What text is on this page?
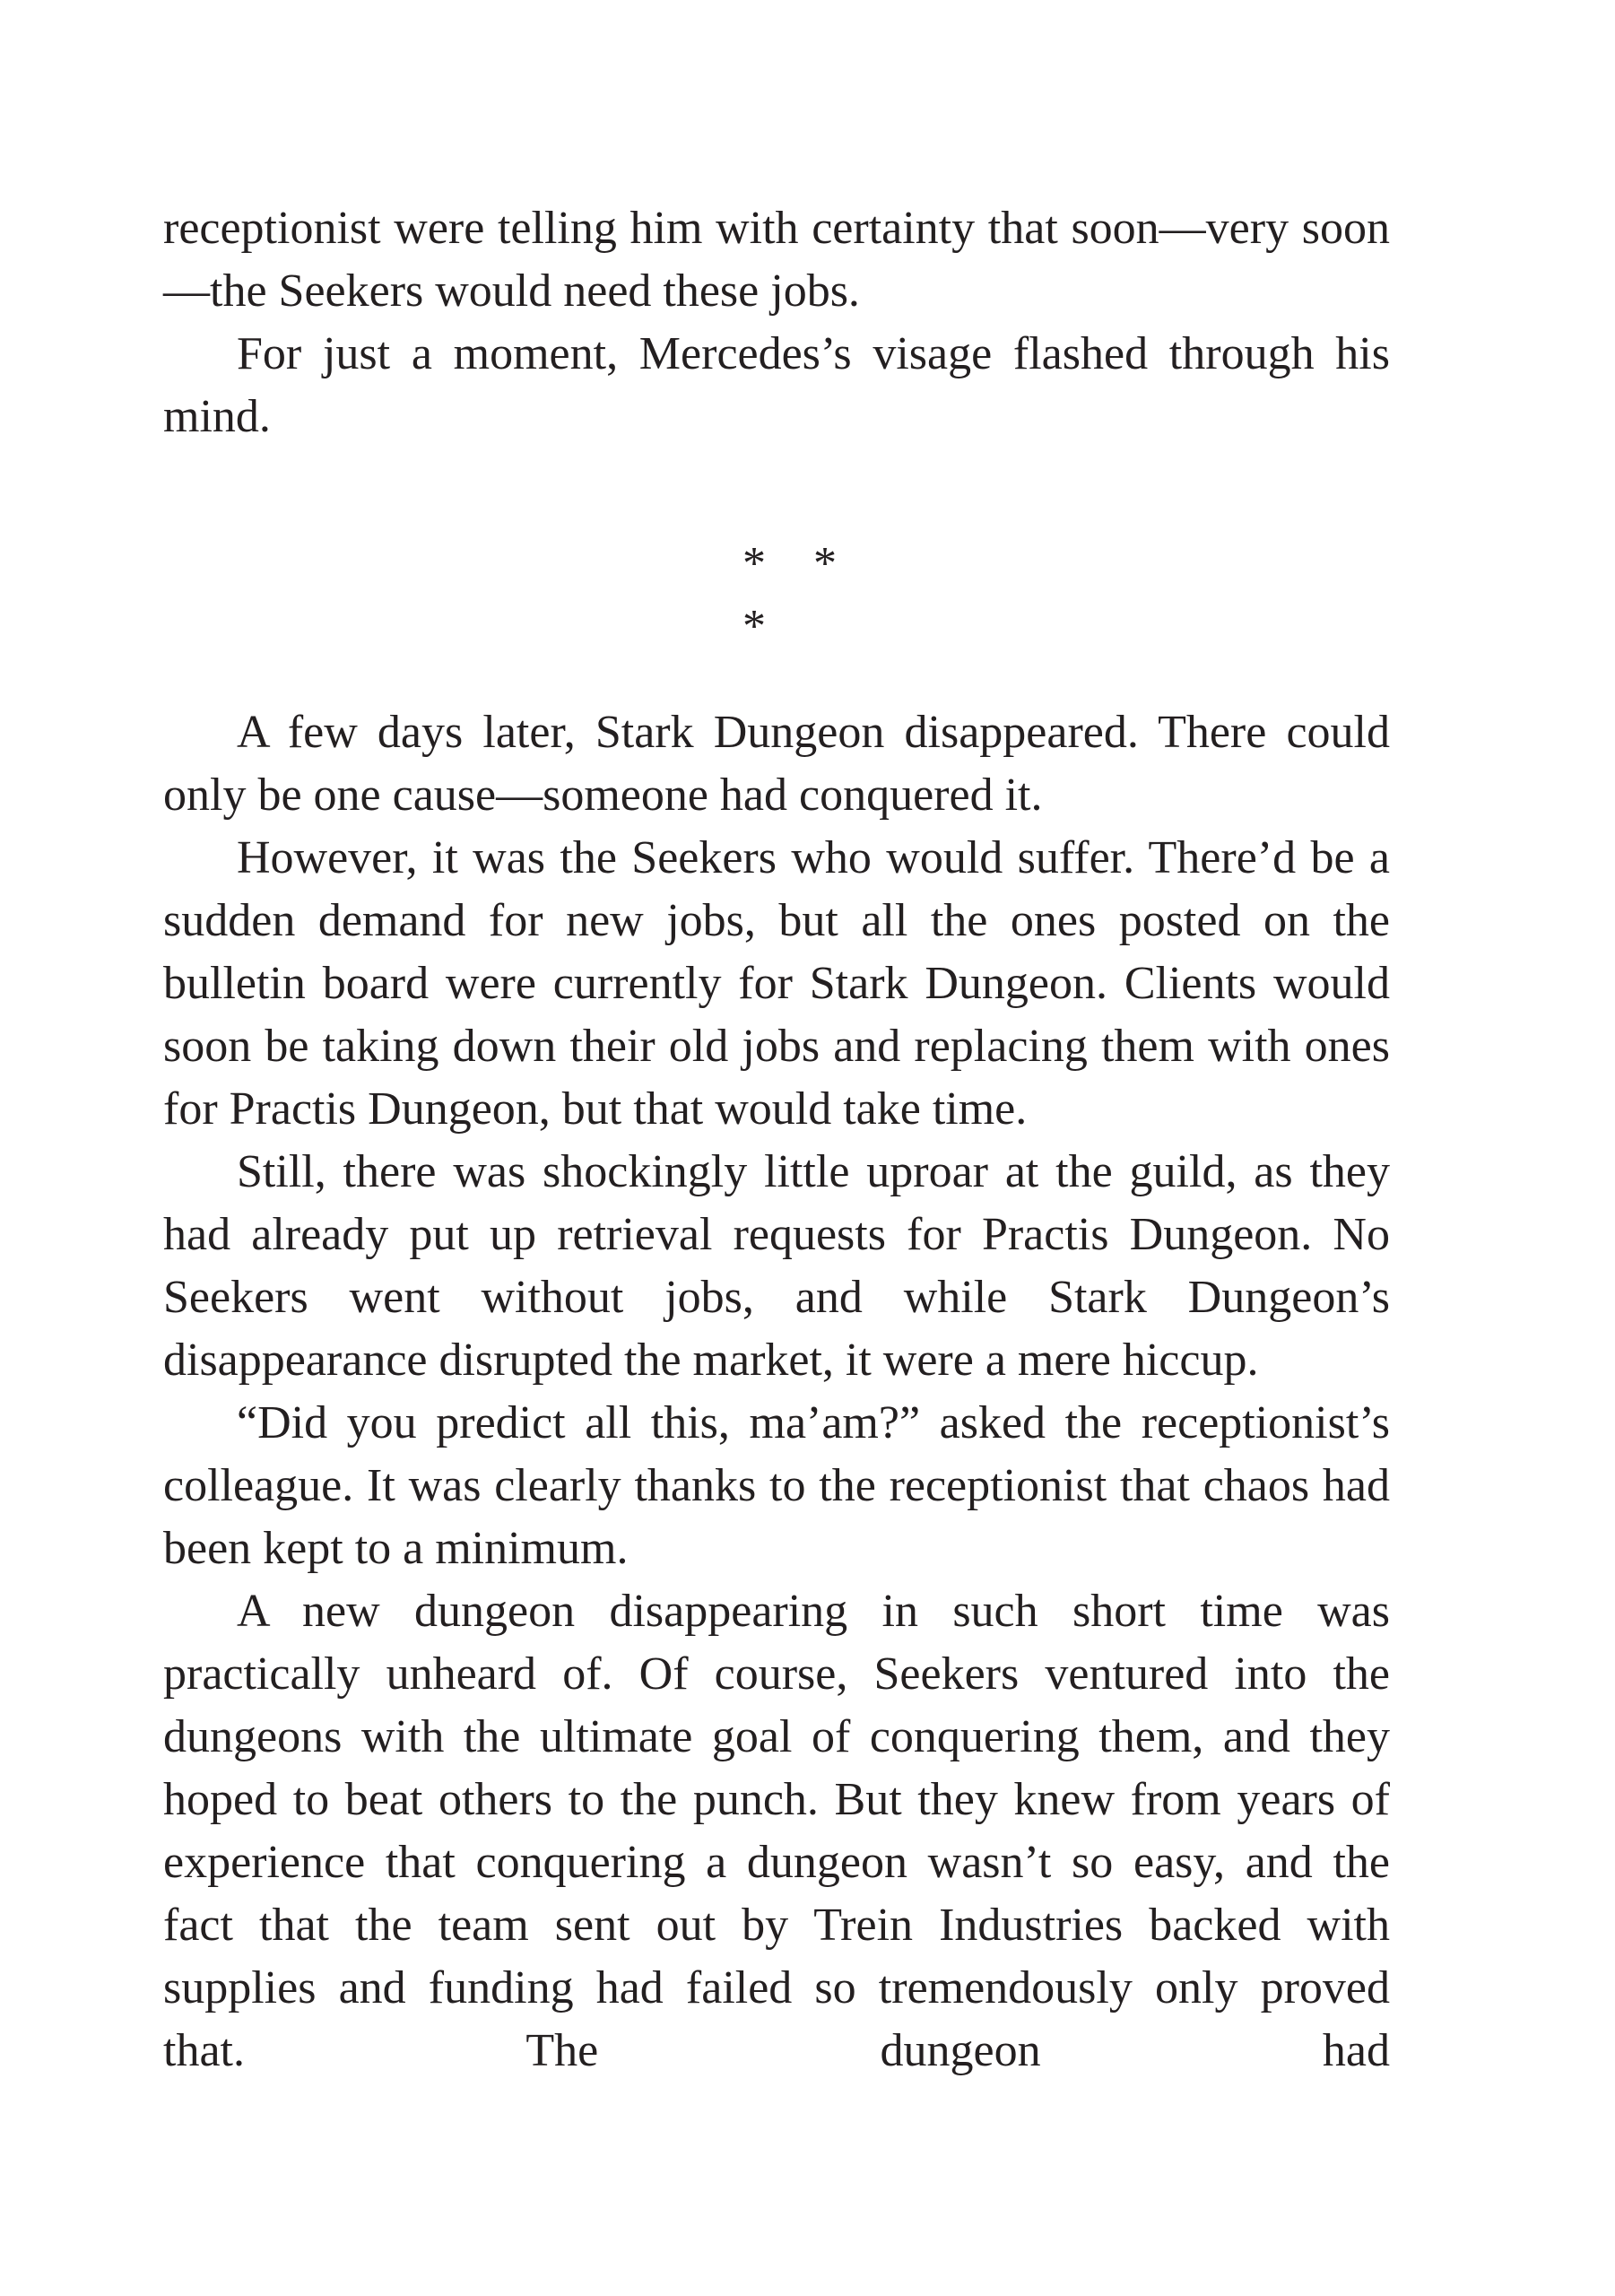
receptionist were telling him with certainty that soon—very soon—the Seekers would need these jobs.

For just a moment, Mercedes’s visage flashed through his mind.

* * *

A few days later, Stark Dungeon disappeared. There could only be one cause—someone had conquered it.

However, it was the Seekers who would suffer. There’d be a sudden demand for new jobs, but all the ones posted on the bulletin board were currently for Stark Dungeon. Clients would soon be taking down their old jobs and replacing them with ones for Practis Dungeon, but that would take time.

Still, there was shockingly little uproar at the guild, as they had already put up retrieval requests for Practis Dungeon. No Seekers went without jobs, and while Stark Dungeon’s disappearance disrupted the market, it were a mere hiccup.

“Did you predict all this, ma’am?” asked the receptionist’s colleague. It was clearly thanks to the receptionist that chaos had been kept to a minimum.

A new dungeon disappearing in such short time was practically unheard of. Of course, Seekers ventured into the dungeons with the ultimate goal of conquering them, and they hoped to beat others to the punch. But they knew from years of experience that conquering a dungeon wasn’t so easy, and the fact that the team sent out by Trein Industries backed with supplies and funding had failed so tremendously only proved that. The dungeon had
